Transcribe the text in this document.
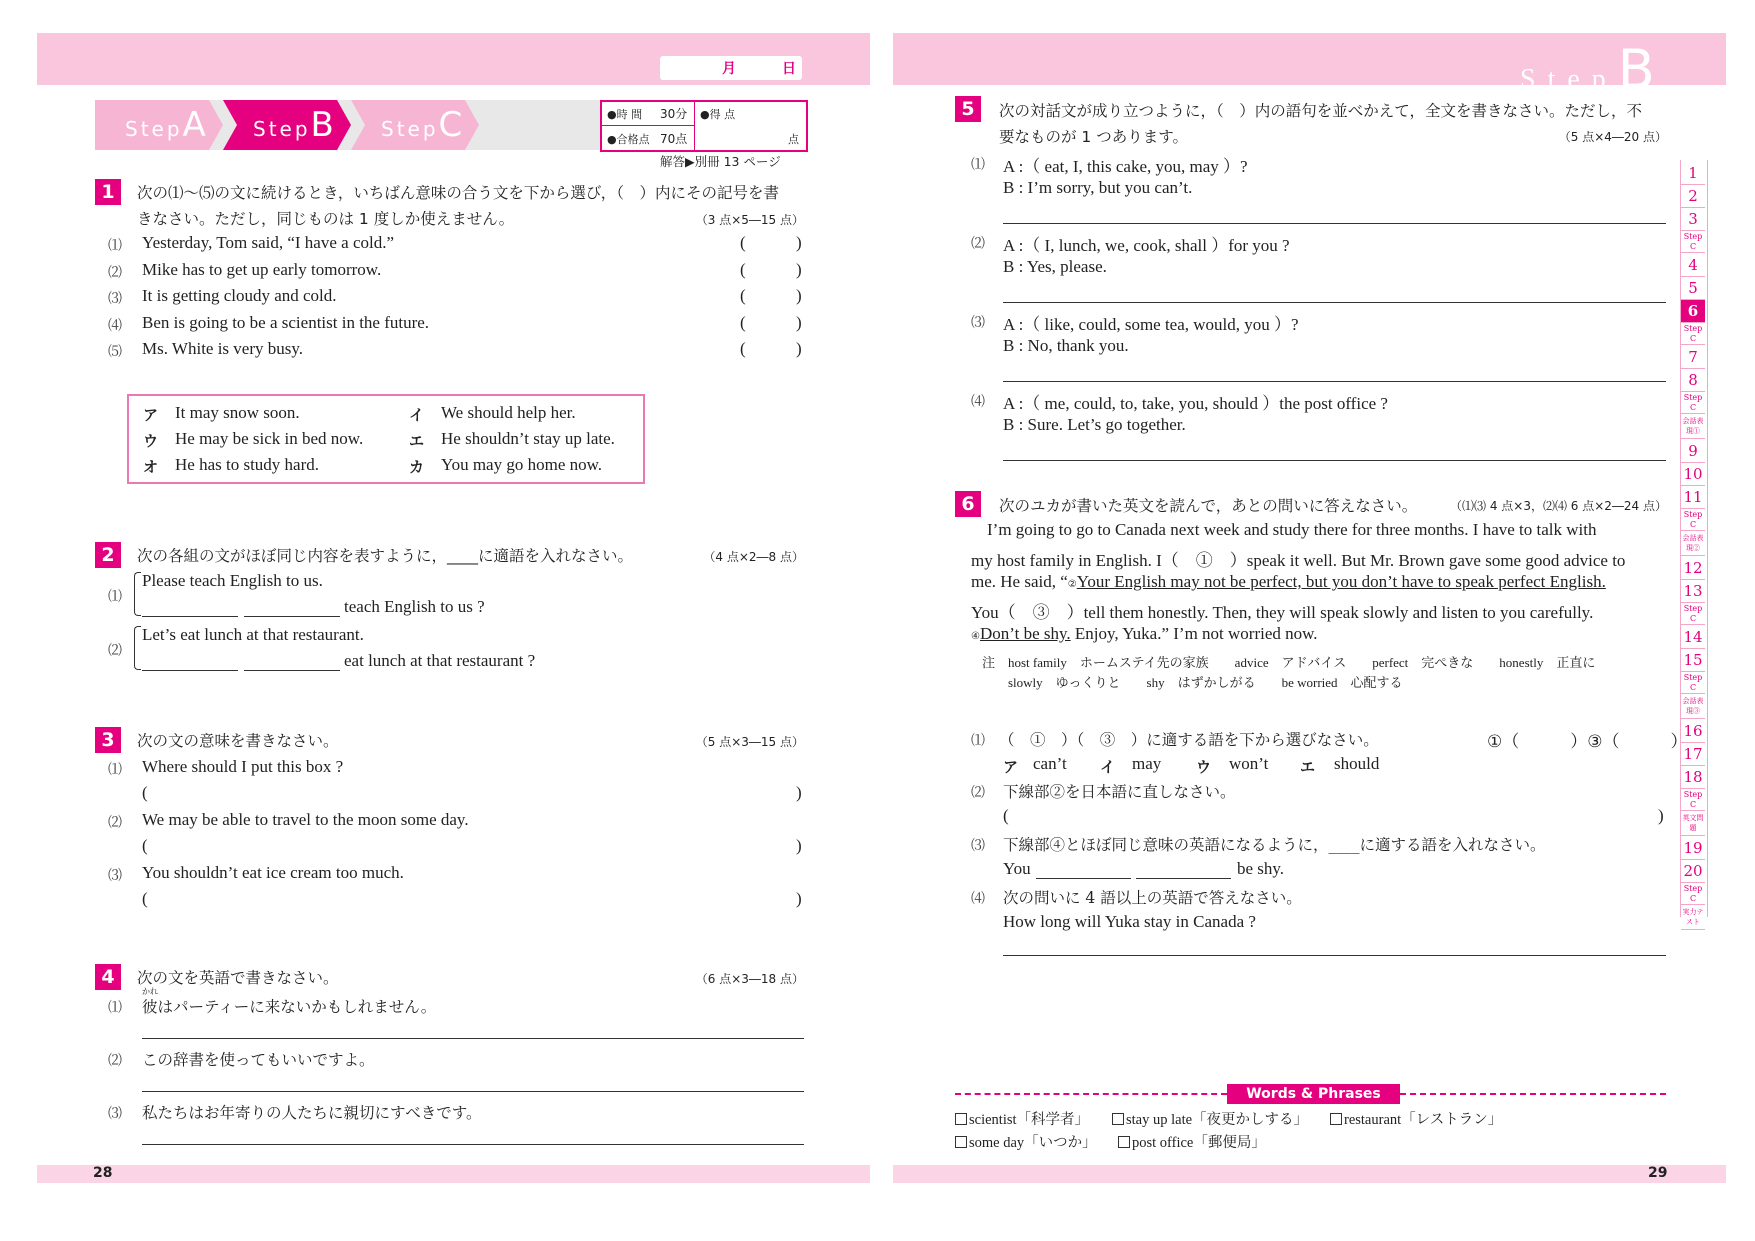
月	日
StepA StepB StepC	●時 間 30分
●合格点 70点
●得 点
点
解答▶別冊 13 ページ
1	次の⑴～⑸の文に続けるとき，いちばん意味の合う文を下から選び，（　）内にその記号を書
きなさい。ただし，同じものは 1 度しか使えません。	（3 点×5―15 点）
⑴ Yesterday, Tom said, “I have a cold.”	(	)
⑵ Mike has to get up early tomorrow.	(	)
⑶ It is getting cloudy and cold.	(	)
⑷ Ben is going to be a scientist in the future.	(	)
⑸ Ms. White is very busy.	(	)
ア It may snow soon.	イ We should help her.
ウ He may be sick in bed now.	エ He shouldn’t stay up late.
オ He has to study hard.	カ You may go home now.
2	次の各組の文がほぼ同じ内容を表すように，____に適語を入れなさい。	（4 点×2―8 点）
⑴
Please teach English to us.
teach English to us ?
⑵
Let’s eat lunch at that restaurant.
eat lunch at that restaurant ?
3	次の文の意味を書きなさい。	（5 点×3―15 点）
⑴ Where should I put this box ?
(	)
⑵ We may be able to travel to the moon some day.
(	)
⑶ You shouldn’t eat ice cream too much.
(	)
4	次の文を英語で書きなさい。	（6 点×3―18 点）
かれ
⑴ 彼はパーティーに来ないかもしれません。
⑵ この辞書を使ってもいいですよ。
⑶ 私たちはお年寄りの人たちに親切にすべきです。
28
StepB
5	次の対話文が成り立つように，（　）内の語句を並べかえて，全文を書きなさい。ただし，不
要なものが 1 つあります。	（5 点×4―20 点）
⑴ A :（ eat, I, this cake, you, may ）?
B : I’m sorry, but you can’t.
⑵ A :（ I, lunch, we, cook, shall ）for you ?
B : Yes, please.
⑶ A :（ like, could, some tea, would, you ）?
B : No, thank you.
⑷ A :（ me, could, to, take, you, should ）the post office ?
B : Sure. Let’s go together.
6	次のユカが書いた英文を読んで，あとの問いに答えなさい。	（⑴⑶ 4 点×3，⑵⑷ 6 点×2―24 点）
I’m going to go to Canada next week and study there for three months. I have to talk with
my host family in English. I（　①　）speak it well. But Mr. Brown gave some good advice to
me. He said, “②Your English may not be perfect, but you don’t have to speak perfect English.
You（　③　）tell them honestly. Then, they will speak slowly and listen to you carefully.
④Don’t be shy. Enjoy, Yuka.” I’m not worried now.
注　host family　ホームステイ先の家族　　advice　アドバイス　　perfect　完ぺきな　　honestly　正直に
slowly　ゆっくりと　　shy　はずかしがる　　be worried　心配する
⑴ （　①　）（　③　）に適する語を下から選びなさい。	①（　　　）③（　　　）
ア can’t イ may ウ won’t エ should
⑵ 下線部②を日本語に直しなさい。
(	)
⑶ 下線部④とほぼ同じ意味の英語になるように，____に適する語を入れなさい。
You	be shy.
⑷ 次の問いに 4 語以上の英語で答えなさい。
How long will Yuka stay in Canada ?
1
2
3
Step C
4
5
6
Step C
7
8
Step C
会話表現①
9
10
11
Step C
会話表現②
12
13
Step C
14
15
Step C
会話表現③
16
17
18
Step C
英文問題
19
20
Step C
実力テスト
Words & Phrases
scientist「科学者」	stay up late「夜更かしする」	restaurant「レストラン」
some day「いつか」	post office「郵便局」
29
